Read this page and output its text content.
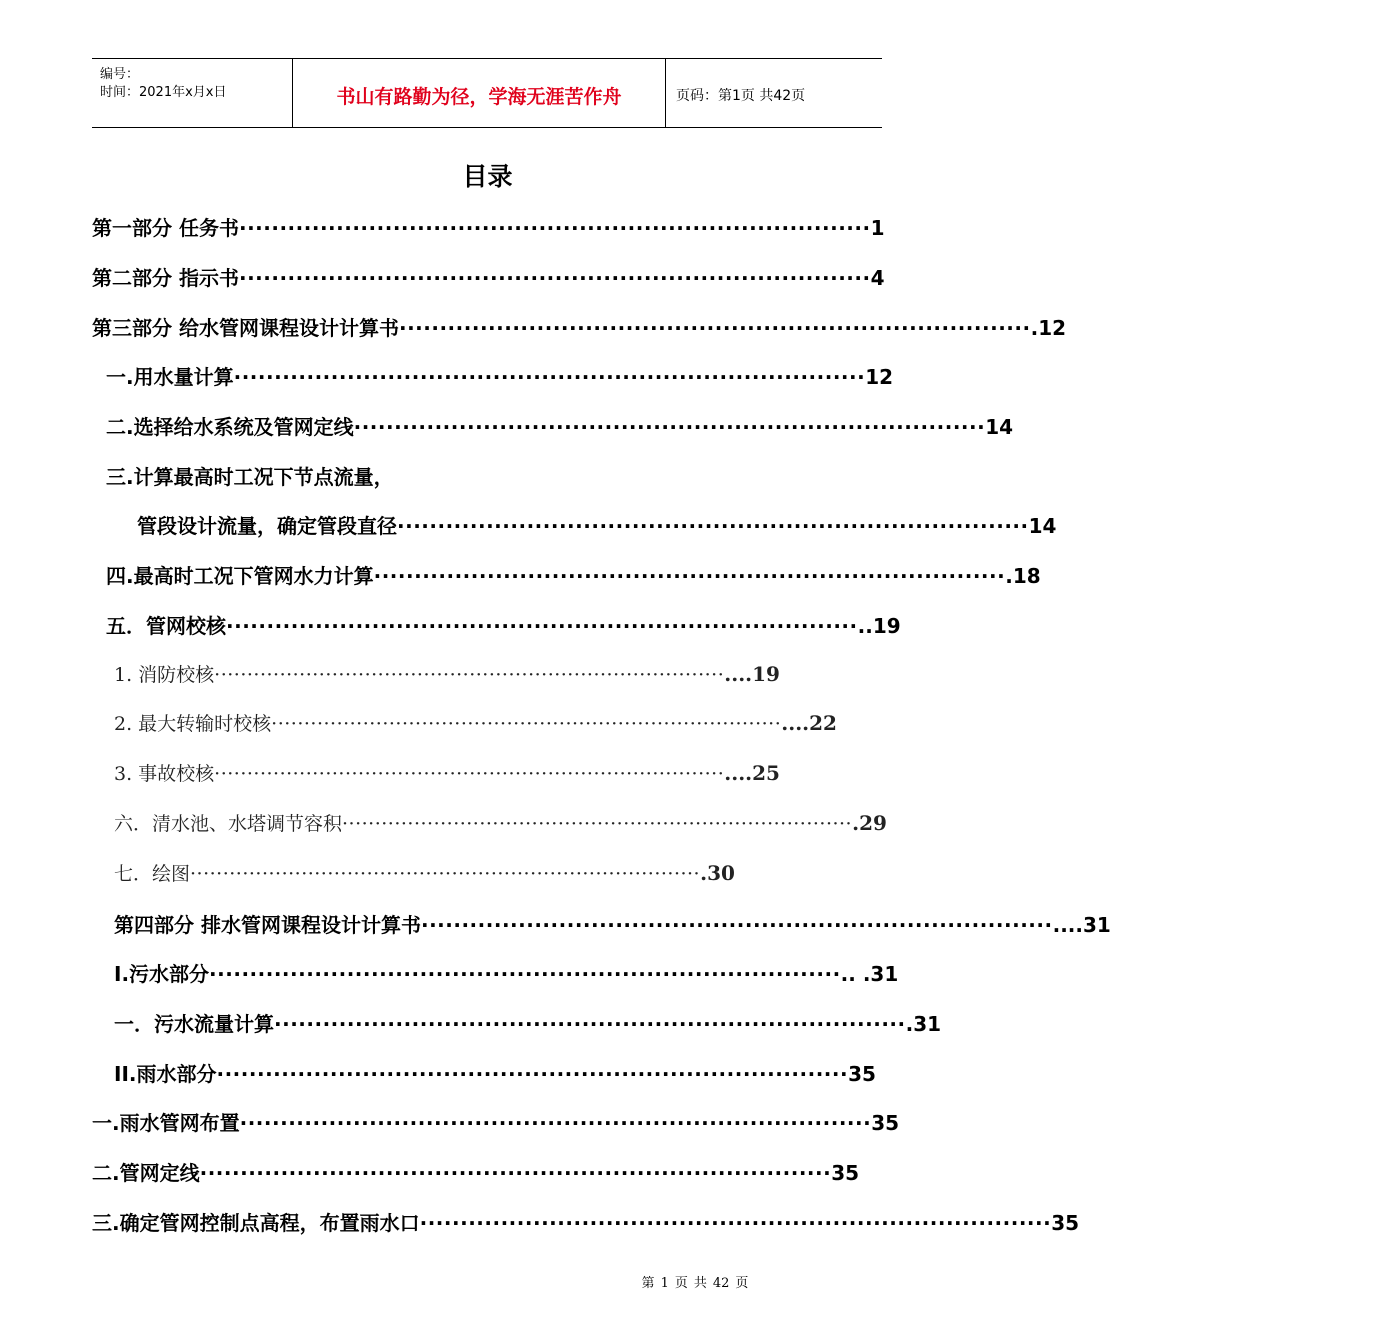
编号：
时间：2021年x月x日	书山有路勤为径，学海无涯苦作舟	页码：第1页 共42页
目录
第一部分 任务书 ·············································································· 1
第二部分 指示书 ·············································································· 4
第三部分 给水管网课程设计计算书 ·············································································· .12
一.用水量计算 ·············································································· 12
二.选择给水系统及管网定线 ·············································································· 14
三.计算最高时工况下节点流量，
管段设计流量，确定管段直径 ·············································································· 14
四.最高时工况下管网水力计算 ·············································································· .18
五．管网校核 ·············································································· ..19
1. 消防校核 ·············································································· ....19
2. 最大转输时校核 ·············································································· ....22
3. 事故校核 ·············································································· ....25
六．清水池、水塔调节容积 ·············································································· .29
七．绘图 ·············································································· .30
第四部分 排水管网课程设计计算书 ·············································································· ....31
I.污水部分 ·············································································· .. .31
一．污水流量计算 ·············································································· .31
II.雨水部分 ·············································································· 35
一.雨水管网布置 ·············································································· 35
二.管网定线 ·············································································· 35
三.确定管网控制点高程，布置雨水口 ·············································································· 35
第 1 页 共 42 页
